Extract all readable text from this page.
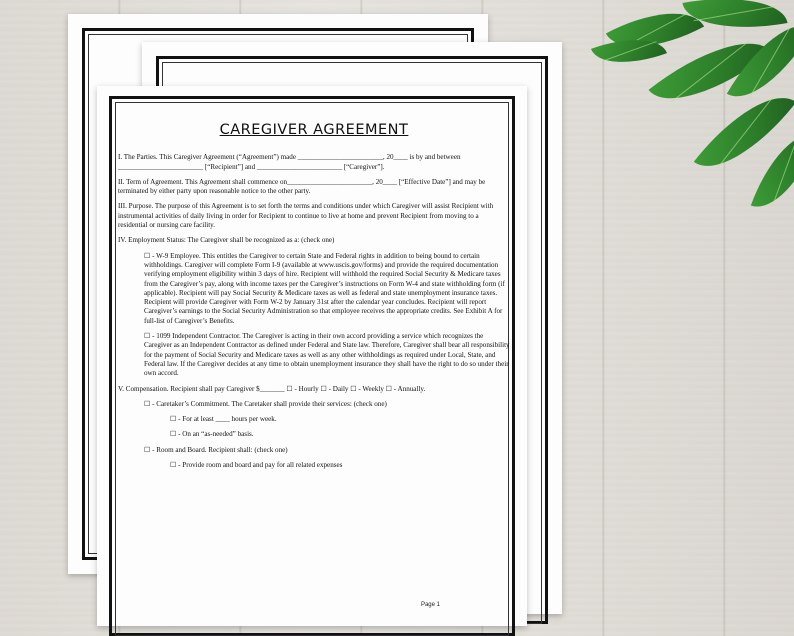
CAREGIVER AGREEMENT

I. The Parties. This Caregiver Agreement (“Agreement”) made ________________________, 20____ is by and between ________________________ [“Recipient”] and ________________________ [“Caregiver”].

II. Term of Agreement. This Agreement shall commence on________________________, 20____ [“Effective Date”] and may be terminated by either party upon reasonable notice to the other party.

III. Purpose. The purpose of this Agreement is to set forth the terms and conditions under which Caregiver will assist Recipient with instrumental activities of daily living in order for Recipient to continue to live at home and prevent Recipient from moving to a residential or nursing care facility.

IV. Employment Status: The Caregiver shall be recognized as a: (check one)

☐ - W-9 Employee. This entitles the Caregiver to certain State and Federal rights in addition to being bound to certain withholdings. Caregiver will complete Form I-9 (available at www.uscis.gov/forms) and provide the required documentation verifying employment eligibility within 3 days of hire. Recipient will withhold the required Social Security & Medicare taxes from the Caregiver’s pay, along with income taxes per the Caregiver’s instructions on Form W-4 and state withholding form (if applicable). Recipient will pay Social Security & Medicare taxes as well as federal and state unemployment insurance taxes. Recipient will provide Caregiver with Form W-2 by January 31st after the calendar year concludes. Recipient will report Caregiver’s earnings to the Social Security Administration so that employee receives the appropriate credits. See Exhibit A for full-list of Caregiver’s Benefits.

☐ - 1099 Independent Contractor. The Caregiver is acting in their own accord providing a service which recognizes the Caregiver as an Independent Contractor as defined under Federal and State law. Therefore, Caregiver shall bear all responsibility for the payment of Social Security and Medicare taxes as well as any other withholdings as required under Local, State, and Federal law. If the Caregiver decides at any time to obtain unemployment insurance they shall have the right to do so under their own accord.

V. Compensation. Recipient shall pay Caregiver $_______ ☐ - Hourly ☐ - Daily ☐ - Weekly ☐ - Annually.

☐ - Caretaker’s Commitment. The Caretaker shall provide their services: (check one)

☐ - For at least ____ hours per week.

☐ - On an “as-needed” basis.

☐ - Room and Board. Recipient shall: (check one)

☐ - Provide room and board and pay for all related expenses

Page 1
